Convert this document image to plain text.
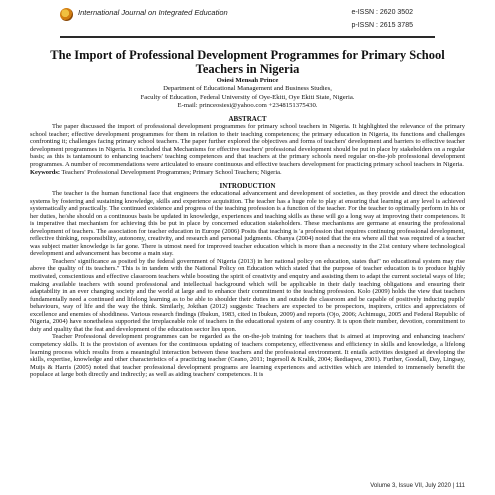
International Journal on Integrated Education	e-ISSN : 2620 3502
p-ISSN : 2615 3785
The Import of Professional Development Programmes for Primary School Teachers in Nigeria
Osiesi Mensah Prince
Department of Educational Management and Business Studies,
Faculty of Education, Federal University of Oye-Ekiti, Oye Ekiti State, Nigeria.
E-mail: princeosiesi@yahoo.com +2348151375430.
ABSTRACT

The paper discussed the import of professional development programmes for primary school teachers in Nigeria. It highlighted the relevance of the primary school teacher; effective development programmes for them in relation to their teaching competences; the primary education in Nigeria, its functions and challenges confronting it; challenges facing primary school teachers. The paper further explored the objectives and forms of teachers' development and barriers to effective teacher development programmes in Nigeria. It concluded that Mechanisms for effective teachers' professional development should be put in place by stakeholders on a regular basis; as this is tantamount to enhancing teachers' teaching competences and that teachers at the primary schools need regular on-the-job professional development programmes. A number of recommendations were articulated to ensure continuous and effective teachers development for practicing primary school teachers in Nigeria.

Keywords: Teachers' Professional Development Programmes; Primary School Teachers; Nigeria.

INTRODUCTION

The teacher is the human functional face that engineers the educational advancement and development of societies, as they provide and direct the education systems by fostering and sustaining knowledge, skills and experience acquisition. The teacher has a huge role to play at ensuring that learning at any level is achieved systematically and practically. The continued existence and progress of the teaching profession is a function of the teacher. For the teacher to optimally perform in his or her duties, he/she should on a continuous basis be updated in knowledge, experiences and teaching skills as these will go a long way at improving their competences. It is imperative that mechanism for achieving this be put in place by concerned education stakeholders. These mechanisms are germane at ensuring the professional development of teachers. The association for teacher education in Europe (2006) Posits that teaching is 'a profession that requires continuing professional development, reflective thinking, responsibility, autonomy, creativity, and research and personal judgments. Obanya (2004) noted that the era where all that was required of a teacher was subject matter knowledge is far gone. There is utmost need for improved teacher education which is more than a necessity in the 21st century where technological development and advancement has become a main stay.

Teachers' significance as posited by the federal government of Nigeria (2013) in her national policy on education, states that" no educational system may rise above the quality of its teachers." This is in tandem with the National Policy on Education which stated that the purpose of teacher education is to produce highly motivated, conscientious and effective classroom teachers while boosting the spirit of creativity and enquiry and assisting them to adapt the current societal ways of life; making available teachers with sound professional and intellectual background which will be applicable in their daily teaching obligations and ensuring their adaptability in an ever changing society and the world at large and to enhance their commitment to the teaching profession. Kolo (2009) holds the view that teachers fundamentally need a continued and lifelong learning as to be able to shoulder their duties in and outside the classroom and be capable of positively inducing pupils' behaviours, way of life and the way the think. Similarly, Jokthan (2012) suggests: Teachers are expected to be prospectors, inspirers, critics and appreciators of excellence and enemies of shoddiness. Various research findings (Ibukun, 1983, cited in Ibukun, 2009) and reports (Ojo, 2006; Achimugu, 2005 and Federal Republic of Nigeria, 2004) have nonetheless supported the irreplaceable role of teachers in the educational system of any country. It is upon their number, devotion, commitment to duty and quality that the feat and development of the education sector lies upon.

Teacher Professional development programmes can be regarded as the on-the-job training for teachers that is aimed at improving and enhancing teachers' competency skills. It is the provision of avenues for the continuous updating of teachers competency, effectiveness and efficiency in skills and knowledge, a lifelong learning process which results from a meaningful interaction between these teachers and the professional environment. It entails activities designed at developing the skills, expertise, knowledge and other characteristics of a practicing teacher (Ceano, 2011; Ingersoll & Kralik, 2004; Ikediaqwu, 2001). Further, Goodall, Day, Lingsay, Muijs & Harris (2005) noted that teacher professional development programs are learning experiences and activities which are intended to immensely benefit the populace at large both directly and indirectly; as well as aiding teachers' competences. It is

Volume 3, Issue VII, July 2020 | 111
